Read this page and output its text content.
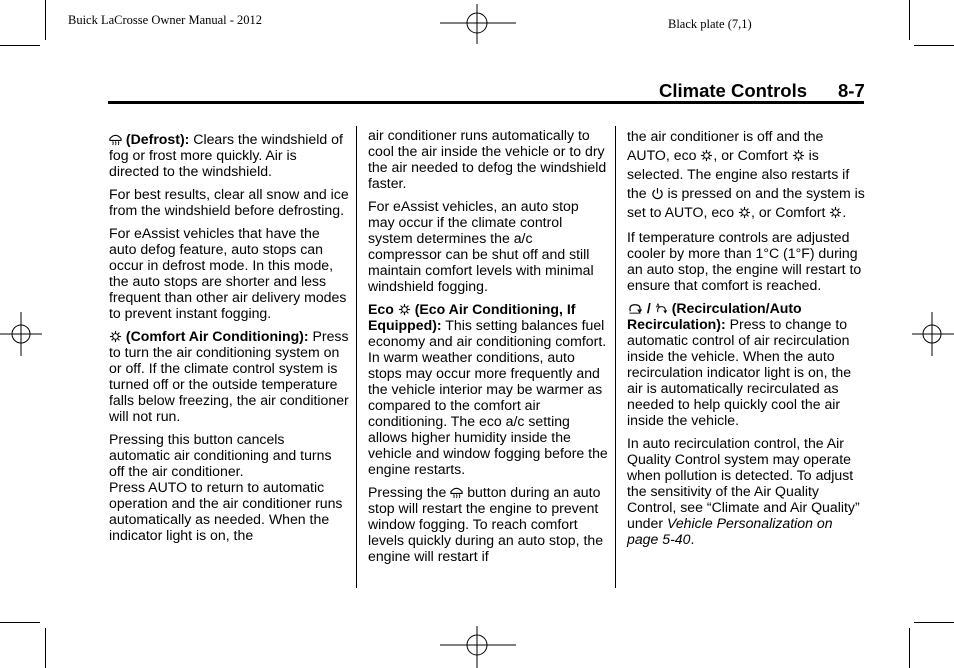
Buick LaCrosse Owner Manual - 2012	Black plate (7,1)
Climate Controls 8-7

(Defrost): Clears the windshield of fog or frost more quickly. Air is directed to the windshield.

For best results, clear all snow and ice from the windshield before defrosting.

For eAssist vehicles that have the auto defog feature, auto stops can occur in defrost mode. In this mode, the auto stops are shorter and less frequent than other air delivery modes to prevent instant fogging.

(Comfort Air Conditioning): Press to turn the air conditioning system on or off. If the climate control system is turned off or the outside temperature falls below freezing, the air conditioner will not run.

Pressing this button cancels automatic air conditioning and turns off the air conditioner.

Press AUTO to return to automatic operation and the air conditioner runs automatically as needed. When the indicator light is on, the

air conditioner runs automatically to cool the air inside the vehicle or to dry the air needed to defog the windshield faster.

For eAssist vehicles, an auto stop may occur if the climate control system determines the a/c compressor can be shut off and still maintain comfort levels with minimal windshield fogging.

Eco (Eco Air Conditioning, If Equipped): This setting balances fuel economy and air conditioning comfort. In warm weather conditions, auto stops may occur more frequently and the vehicle interior may be warmer as compared to the comfort air conditioning. The eco a/c setting allows higher humidity inside the vehicle and window fogging before the engine restarts.

Pressing the button during an auto stop will restart the engine to prevent window fogging. To reach comfort levels quickly during an auto stop, the engine will restart if

the air conditioner is off and the AUTO, eco , or Comfort is selected. The engine also restarts if the is pressed on and the system is set to AUTO, eco , or Comfort .

If temperature controls are adjusted cooler by more than 1°C (1°F) during an auto stop, the engine will restart to ensure that comfort is reached.

/ A (Recirculation/Auto Recirculation): Press to change to automatic control of air recirculation inside the vehicle. When the auto recirculation indicator light is on, the air is automatically recirculated as needed to help quickly cool the air inside the vehicle.

In auto recirculation control, the Air Quality Control system may operate when pollution is detected. To adjust the sensitivity of the Air Quality Control, see “Climate and Air Quality” under Vehicle Personalization on page 5-40.
